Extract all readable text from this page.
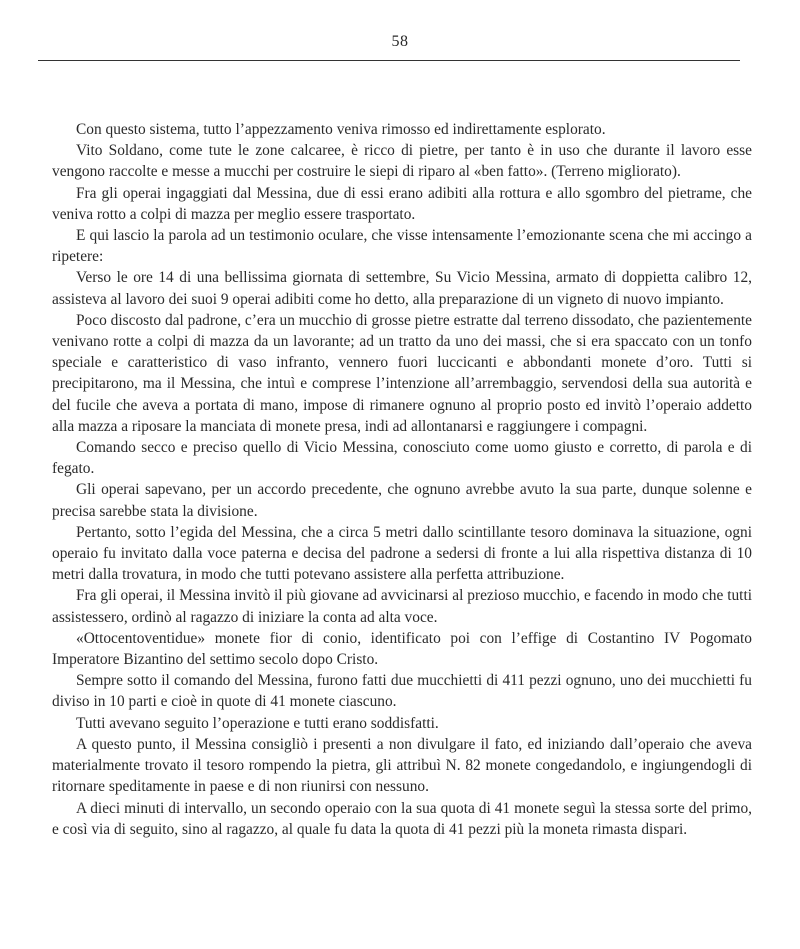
58

Con questo sistema, tutto l’appezzamento veniva rimosso ed indirettamente esplorato.

Vito Soldano, come tute le zone calcaree, è ricco di pietre, per tanto è in uso che durante il lavoro esse vengono raccolte e messe a mucchi per costruire le siepi di riparo al «ben fatto». (Terreno migliorato).

Fra gli operai ingaggiati dal Messina, due di essi erano adibiti alla rottura e allo sgombro del pietrame, che veniva rotto a colpi di mazza per meglio essere trasportato.

E qui lascio la parola ad un testimonio oculare, che visse intensamente l’emozionante scena che mi accingo a ripetere:

Verso le ore 14 di una bellissima giornata di settembre, Su Vicio Messina, armato di doppietta calibro 12, assisteva al lavoro dei suoi 9 operai adibiti come ho detto, alla preparazione di un vigneto di nuovo impianto.

Poco discosto dal padrone, c’era un mucchio di grosse pietre estratte dal terreno dissodato, che pazientemente venivano rotte a colpi di mazza da un lavorante; ad un tratto da uno dei massi, che si era spaccato con un tonfo speciale e caratteristico di vaso infranto, vennero fuori luccicanti e abbondanti monete d’oro. Tutti si precipitarono, ma il Messina, che intuì e comprese l’intenzione all’arrembaggio, servendosi della sua autorità e del fucile che aveva a portata di mano, impose di rimanere ognuno al proprio posto ed invitò l’operaio addetto alla mazza a riposare la manciata di monete presa, indi ad allontanarsi e raggiungere i compagni.

Comando secco e preciso quello di Vicio Messina, conosciuto come uomo giusto e corretto, di parola e di fegato.

Gli operai sapevano, per un accordo precedente, che ognuno avrebbe avuto la sua parte, dunque solenne e precisa sarebbe stata la divisione.

Pertanto, sotto l’egida del Messina, che a circa 5 metri dallo scintillante tesoro dominava la situazione, ogni operaio fu invitato dalla voce paterna e decisa del padrone a sedersi di fronte a lui alla rispettiva distanza di 10 metri dalla trovatura, in modo che tutti potevano assistere alla perfetta attribuzione.

Fra gli operai, il Messina invitò il più giovane ad avvicinarsi al prezioso mucchio, e facendo in modo che tutti assistessero, ordinò al ragazzo di iniziare la conta ad alta voce.

«Ottocentoventidue» monete fior di conio, identificato poi con l’effige di Costantino IV Pogomato Imperatore Bizantino del settimo secolo dopo Cristo.

Sempre sotto il comando del Messina, furono fatti due mucchietti di 411 pezzi ognuno, uno dei mucchietti fu diviso in 10 parti e cioè in quote di 41 monete ciascuno.

Tutti avevano seguito l’operazione e tutti erano soddisfatti.

A questo punto, il Messina consigliò i presenti a non divulgare il fato, ed iniziando dall’operaio che aveva materialmente trovato il tesoro rompendo la pietra, gli attribuì N. 82 monete congedandolo, e ingiungendogli di ritornare speditamente in paese e di non riunirsi con nessuno.

A dieci minuti di intervallo, un secondo operaio con la sua quota di 41 monete seguì la stessa sorte del primo, e così via di seguito, sino al ragazzo, al quale fu data la quota di 41 pezzi più la moneta rimasta dispari.
